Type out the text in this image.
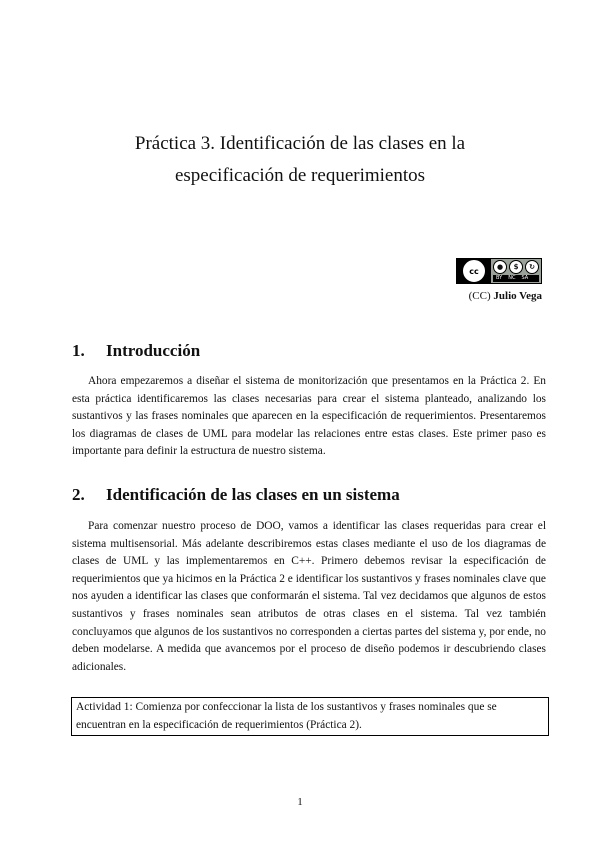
Práctica 3. Identificación de las clases en la
especificación de requerimientos
cc	●	$	↻
BY NC SA
(CC) Julio Vega
1. Introducción
Ahora empezaremos a diseñar el sistema de monitorización que presentamos en la Práctica 2. En esta práctica identificaremos las clases necesarias para crear el sistema planteado, analizando los sustantivos y las frases nominales que aparecen en la especificación de requerimientos. Presentaremos los diagramas de clases de UML para modelar las relaciones entre estas clases. Este primer paso es importante para definir la estructura de nuestro sistema.
2. Identificación de las clases en un sistema
Para comenzar nuestro proceso de DOO, vamos a identificar las clases requeridas para crear el sistema multisensorial. Más adelante describiremos estas clases mediante el uso de los diagramas de clases de UML y las implementaremos en C++. Primero debemos revisar la especificación de requerimientos que ya hicimos en la Práctica 2 e identificar los sustantivos y frases nominales clave que nos ayuden a identificar las clases que conformarán el sistema. Tal vez decidamos que algunos de estos sustantivos y frases nominales sean atributos de otras clases en el sistema. Tal vez también concluyamos que algunos de los sustantivos no corresponden a ciertas partes del sistema y, por ende, no deben modelarse. A medida que avancemos por el proceso de diseño podemos ir descubriendo clases adicionales.
Actividad 1: Comienza por confeccionar la lista de los sustantivos y frases nominales que se encuentran en la especificación de requerimientos (Práctica 2).
1
